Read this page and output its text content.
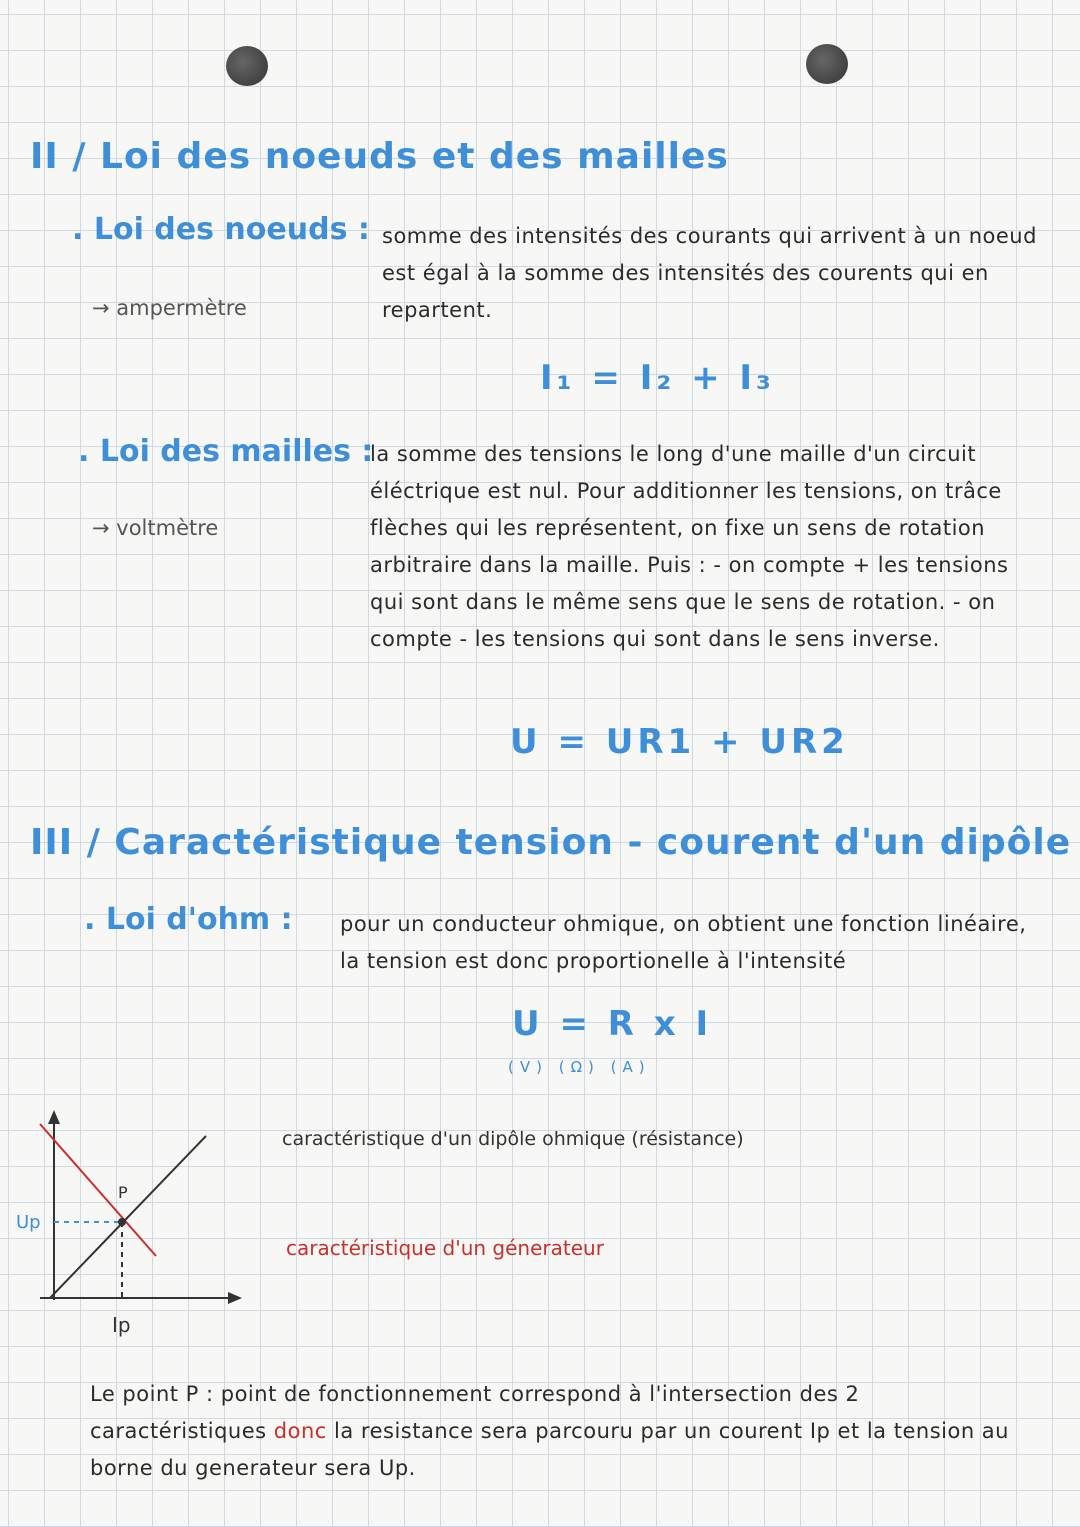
II / Loi des noeuds et des mailles
. Loi des noeuds :
→ ampermètre

somme des intensités des courants qui arrivent à un noeud est égal à la somme des intensités des courents qui en repartent.

I₁ = I₂ + I₃
. Loi des mailles :
→ voltmètre

la somme des tensions le long d'une maille d'un circuit éléctrique est nul. Pour additionner les tensions, on trâce flèches qui les représentent, on fixe un sens de rotation arbitraire dans la maille. Puis : - on compte + les tensions qui sont dans le même sens que le sens de rotation. - on compte - les tensions qui sont dans le sens inverse.

U = UR1 + UR2
III / Caractéristique tension - courent d'un dipôle
. Loi d'ohm : pour un conducteur ohmique, on obtient une fonction linéaire, la tension est donc proportionelle à l'intensité

U = R x I
(V) (Ω) (A)
P
Up
Ip
caractéristique d'un dipôle ohmique (résistance)
caractéristique d'un génerateur

Le point P : point de fonctionnement correspond à l'intersection des 2 caractéristiques donc la resistance sera parcouru par un courent Ip et la tension au borne du generateur sera Up.
